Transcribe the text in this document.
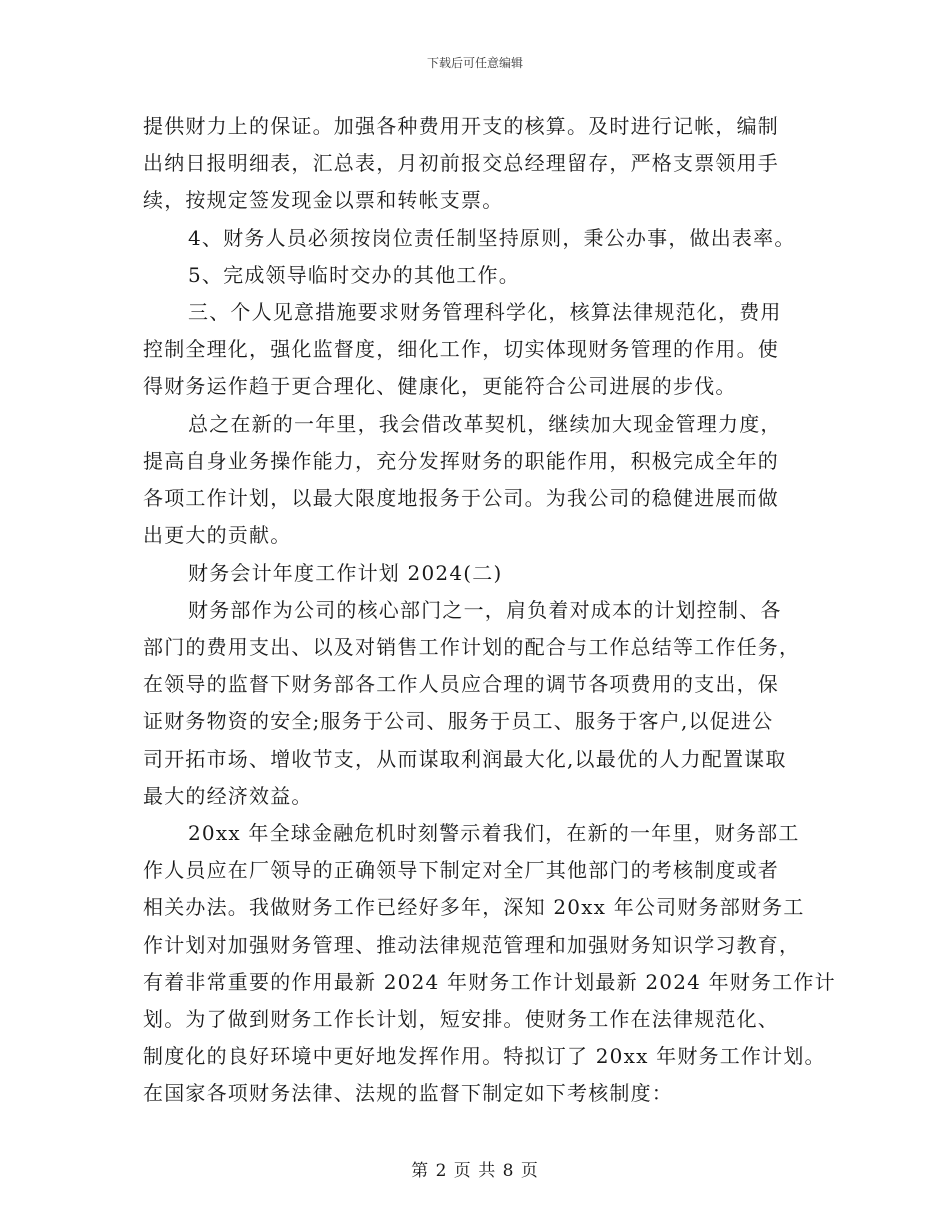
下载后可任意编辑
提供财力上的保证。加强各种费用开支的核算。及时进行记帐，编制
出纳日报明细表，汇总表，月初前报交总经理留存，严格支票领用手
续，按规定签发现金以票和转帐支票。
4、财务人员必须按岗位责任制坚持原则，秉公办事，做出表率。
5、完成领导临时交办的其他工作。
三、个人见意措施要求财务管理科学化，核算法律规范化，费用
控制全理化，强化监督度，细化工作，切实体现财务管理的作用。使
得财务运作趋于更合理化、健康化，更能符合公司进展的步伐。
总之在新的一年里，我会借改革契机，继续加大现金管理力度，
提高自身业务操作能力，充分发挥财务的职能作用，积极完成全年的
各项工作计划，以最大限度地报务于公司。为我公司的稳健进展而做
出更大的贡献。
财务会计年度工作计划 2024(二)
财务部作为公司的核心部门之一，肩负着对成本的计划控制、各
部门的费用支出、以及对销售工作计划的配合与工作总结等工作任务，
在领导的监督下财务部各工作人员应合理的调节各项费用的支出，保
证财务物资的安全;服务于公司、服务于员工、服务于客户,以促进公
司开拓市场、增收节支，从而谋取利润最大化,以最优的人力配置谋取
最大的经济效益。
20xx 年全球金融危机时刻警示着我们，在新的一年里，财务部工
作人员应在厂领导的正确领导下制定对全厂其他部门的考核制度或者
相关办法。我做财务工作已经好多年，深知 20xx 年公司财务部财务工
作计划对加强财务管理、推动法律规范管理和加强财务知识学习教育，
有着非常重要的作用最新 2024 年财务工作计划最新 2024 年财务工作计
划。为了做到财务工作长计划，短安排。使财务工作在法律规范化、
制度化的良好环境中更好地发挥作用。特拟订了 20xx 年财务工作计划。
在国家各项财务法律、法规的监督下制定如下考核制度：
第 2 页 共 8 页
